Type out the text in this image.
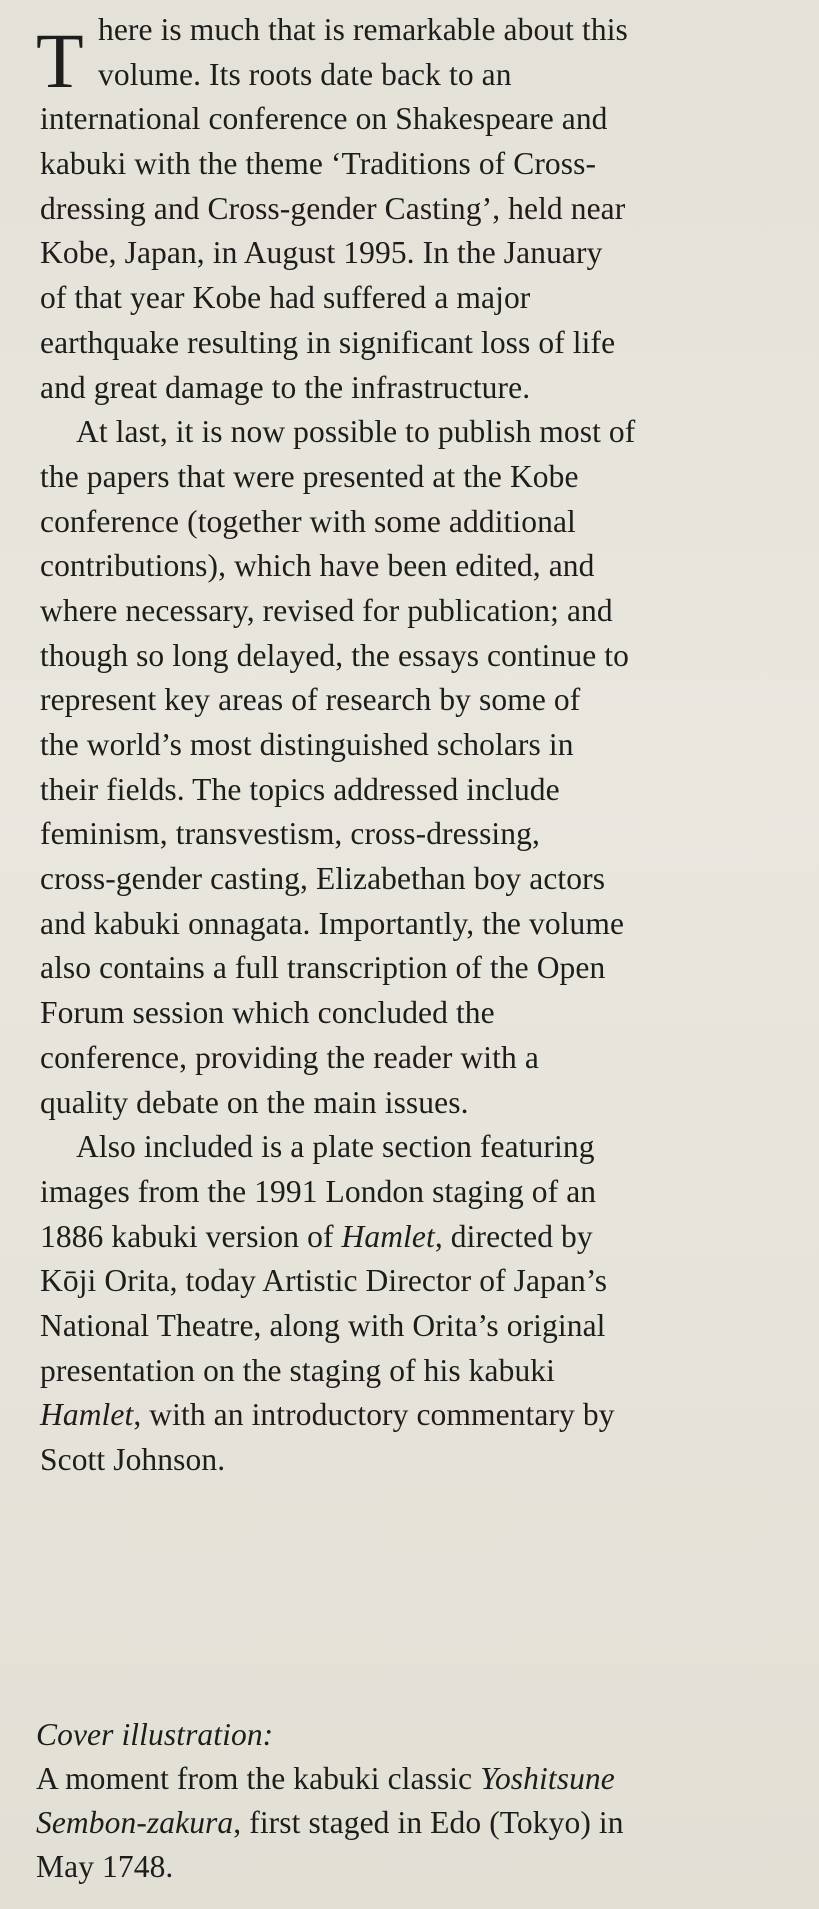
T here is much that is remarkable about this
volume. Its roots date back to an
international conference on Shakespeare and
kabuki with the theme ‘Traditions of Cross-
dressing and Cross-gender Casting’, held near
Kobe, Japan, in August 1995. In the January
of that year Kobe had suffered a major
earthquake resulting in significant loss of life
and great damage to the infrastructure.
At last, it is now possible to publish most of
the papers that were presented at the Kobe
conference (together with some additional
contributions), which have been edited, and
where necessary, revised for publication; and
though so long delayed, the essays continue to
represent key areas of research by some of
the world’s most distinguished scholars in
their fields. The topics addressed include
feminism, transvestism, cross-dressing,
cross-gender casting, Elizabethan boy actors
and kabuki onnagata. Importantly, the volume
also contains a full transcription of the Open
Forum session which concluded the
conference, providing the reader with a
quality debate on the main issues.
Also included is a plate section featuring
images from the 1991 London staging of an
1886 kabuki version of Hamlet, directed by
Kōji Orita, today Artistic Director of Japan’s
National Theatre, along with Orita’s original
presentation on the staging of his kabuki
Hamlet, with an introductory commentary by
Scott Johnson.
Cover illustration:
A moment from the kabuki classic Yoshitsune
Sembon-zakura, first staged in Edo (Tokyo) in
May 1748.
